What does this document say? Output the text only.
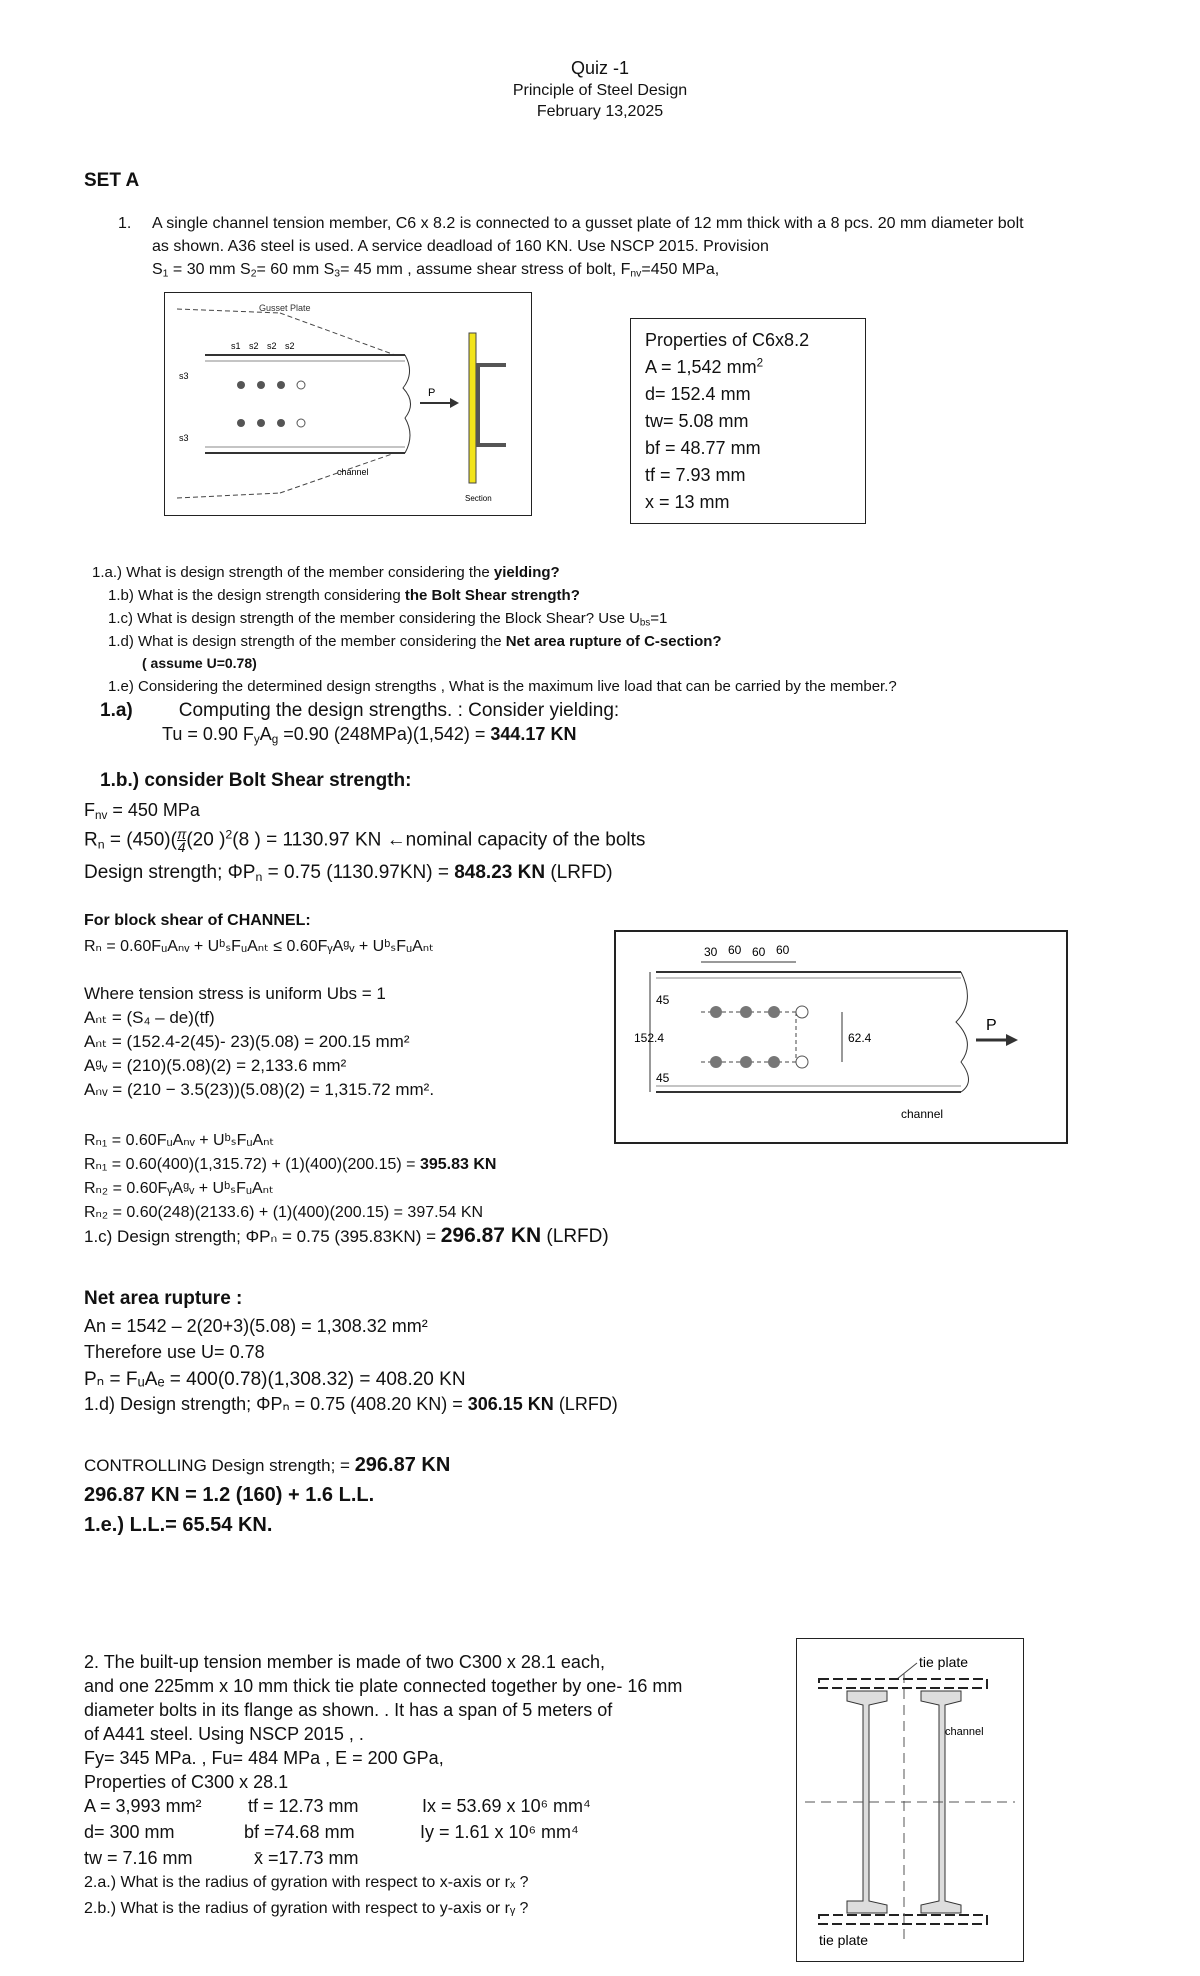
Quiz -1
Principle of Steel Design
February 13,2025
SET A
1. A single channel tension member, C6 x 8.2 is connected to a gusset plate of 12 mm thick with a 8 pcs. 20 mm diameter bolt
as shown. A36 steel is used. A service deadload of 160 KN. Use NSCP 2015. Provision
$S_1 = 30$ mm $S_2= 60$ mm $S_3= 45$ mm , assume shear stress of bolt, $F_{nv}=450$ MPa,
Gusset Plate
s1 s2 s2 s2
s3
s3
P
channel
Section
Properties of C6x8.2
A = 1,542 $mm^2$
d= 152.4 mm
tw= 5.08 mm
bf = 48.77 mm
tf = 7.93 mm
x = 13 mm
1.a.) What is design strength of the member considering the yielding?
1.b) What is the design strength considering the Bolt Shear strength?
1.c) What is design strength of the member considering the Block Shear? Use $U_{bs}=1$
1.d) What is design strength of the member considering the Net area rupture of C-section?
( assume U=0.78)
1.e) Considering the determined design strengths , What is the maximum live load that can be carried by the member.?
1.a) Computing the design strengths. : Consider yielding:
Tu = 0.90 $F_yA_g =0.90$ (248MPa)(1,542) = 344.17 KN
1.b.) consider Bolt Shear strength:
$F_{nv} = 450$ MPa
$R_n = (450)( \frac{\pi}{4} (20$ )$^2$(8 ) = 1130.97 KN ←nominal capacity of the bolts
Design strength; $\Phi P_n = 0.75$ (1130.97KN) = 848.23 KN (LRFD)
For block shear of CHANNEL:
Rₙ = 0.60FᵤAₙᵥ + UᵇₛFᵤAₙₜ ≤ 0.60FᵧAᵍᵥ + UᵇₛFᵤAₙₜ
Where tension stress is uniform Ubs = 1
Aₙₜ = (S₄ – de)(tf)
Aₙₜ = (152.4-2(45)- 23)(5.08) = 200.15 mm²
Aᵍᵥ = (210)(5.08)(2) = 2,133.6 mm²
Aₙᵥ = (210 − 3.5(23))(5.08)(2) = 1,315.72 mm².
Rₙ₁ = 0.60FᵤAₙᵥ + UᵇₛFᵤAₙₜ
Rₙ₁ = 0.60(400)(1,315.72) + (1)(400)(200.15) = 395.83 KN
Rₙ₂ = 0.60FᵧAᵍᵥ + UᵇₛFᵤAₙₜ
Rₙ₂ = 0.60(248)(2133.6) + (1)(400)(200.15) = 397.54 KN
1.c) Design strength; ΦPₙ = 0.75 (395.83KN) = 296.87 KN (LRFD)
30 60 60 60
45
152.4
45
62.4
P
channel
Net area rupture :
An = 1542 – 2(20+3)(5.08) = 1,308.32 mm²
Therefore use U= 0.78
Pₙ = FᵤAₑ = 400(0.78)(1,308.32) = 408.20 KN
1.d) Design strength; ΦPₙ = 0.75 (408.20 KN) = 306.15 KN (LRFD)
CONTROLLING Design strength; = 296.87 KN
296.87 KN = 1.2 (160) + 1.6 L.L.
1.e.) L.L.= 65.54 KN.
2. The built-up tension member is made of two C300 x 28.1 each,
and one 225mm x 10 mm thick tie plate connected together by one- 16 mm
diameter bolts in its flange as shown. . It has a span of 5 meters of
of A441 steel. Using NSCP 2015 , .
Fy= 345 MPa. , Fu= 484 MPa , E = 200 GPa,
Properties of C300 x 28.1
A = 3,993 mm²	tf = 12.73 mm	Ix = 53.69 x 10⁶ mm⁴
d= 300 mm	bf =74.68 mm	Iy = 1.61 x 10⁶ mm⁴
tw = 7.16 mm	x̄ =17.73 mm
2.a.) What is the radius of gyration with respect to x-axis or rₓ ?
2.b.) What is the radius of gyration with respect to y-axis or rᵧ ?
tie plate
channel
tie plate
